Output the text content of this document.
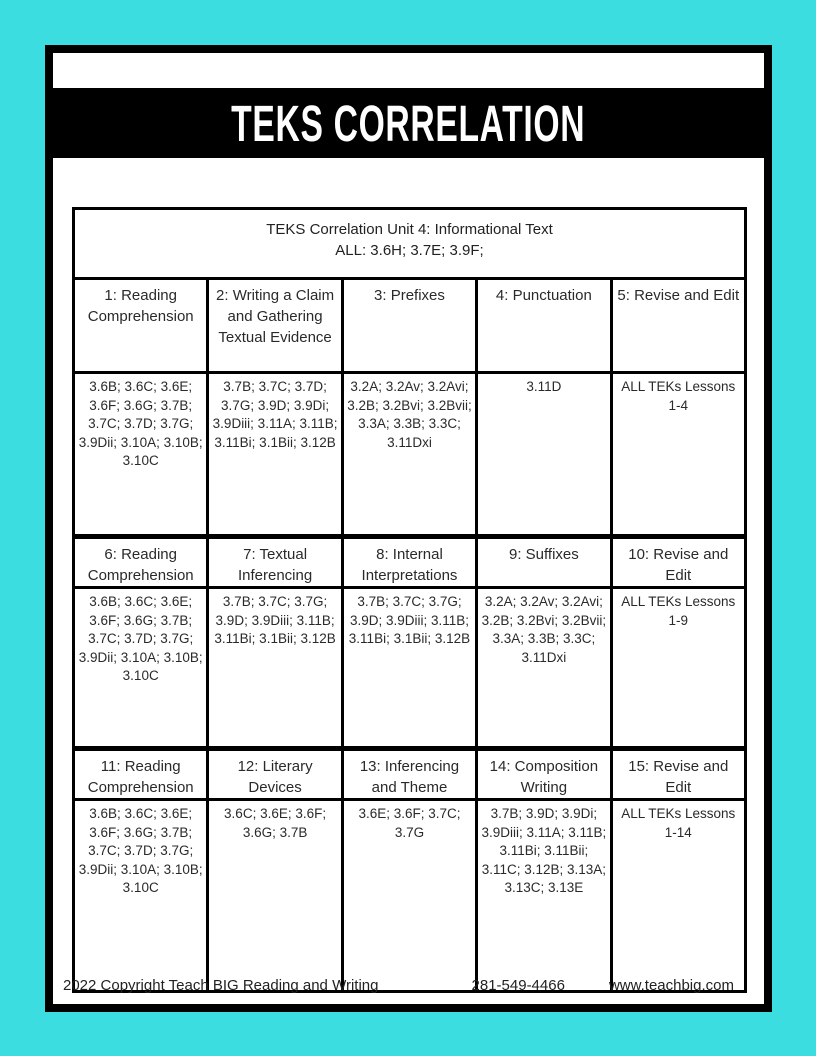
TEKS CORRELATION
TEKS Correlation Unit 4: Informational Text
ALL: 3.6H; 3.7E; 3.9F;				

1: Reading Comprehension	2: Writing a Claim and Gathering Textual Evidence	3: Prefixes	4: Punctuation	5: Revise and Edit
3.6B; 3.6C; 3.6E; 3.6F; 3.6G; 3.7B; 3.7C; 3.7D; 3.7G; 3.9Dii; 3.10A; 3.10B; 3.10C	3.7B; 3.7C; 3.7D; 3.7G; 3.9D; 3.9Di; 3.9Diii; 3.11A; 3.11B; 3.11Bi; 3.1Bii; 3.12B	3.2A; 3.2Av; 3.2Avi; 3.2B; 3.2Bvi; 3.2Bvii; 3.3A; 3.3B; 3.3C; 3.11Dxi	3.11D	ALL TEKs Lessons 1-4
6: Reading Comprehension	7: Textual Inferencing	8: Internal Interpretations	9: Suffixes	10: Revise and Edit
3.6B; 3.6C; 3.6E; 3.6F; 3.6G; 3.7B; 3.7C; 3.7D; 3.7G; 3.9Dii; 3.10A; 3.10B; 3.10C	3.7B; 3.7C; 3.7G; 3.9D; 3.9Diii; 3.11B; 3.11Bi; 3.1Bii; 3.12B	3.7B; 3.7C; 3.7G; 3.9D; 3.9Diii; 3.11B; 3.11Bi; 3.1Bii; 3.12B	3.2A; 3.2Av; 3.2Avi; 3.2B; 3.2Bvi; 3.2Bvii; 3.3A; 3.3B; 3.3C; 3.11Dxi	ALL TEKs Lessons 1-9
11: Reading Comprehension	12: Literary Devices	13: Inferencing and Theme	14: Composition Writing	15: Revise and Edit
3.6B; 3.6C; 3.6E; 3.6F; 3.6G; 3.7B; 3.7C; 3.7D; 3.7G; 3.9Dii; 3.10A; 3.10B; 3.10C	3.6C; 3.6E; 3.6F; 3.6G; 3.7B	3.6E; 3.6F; 3.7C; 3.7G	3.7B; 3.9D; 3.9Di; 3.9Diii; 3.11A; 3.11B; 3.11Bi; 3.11Bii; 3.11C; 3.12B; 3.13A; 3.13C; 3.13E	ALL TEKs Lessons 1-14
2022 Copyright Teach BIG Reading and Writing	281-549-4466	www.teachbig.com
